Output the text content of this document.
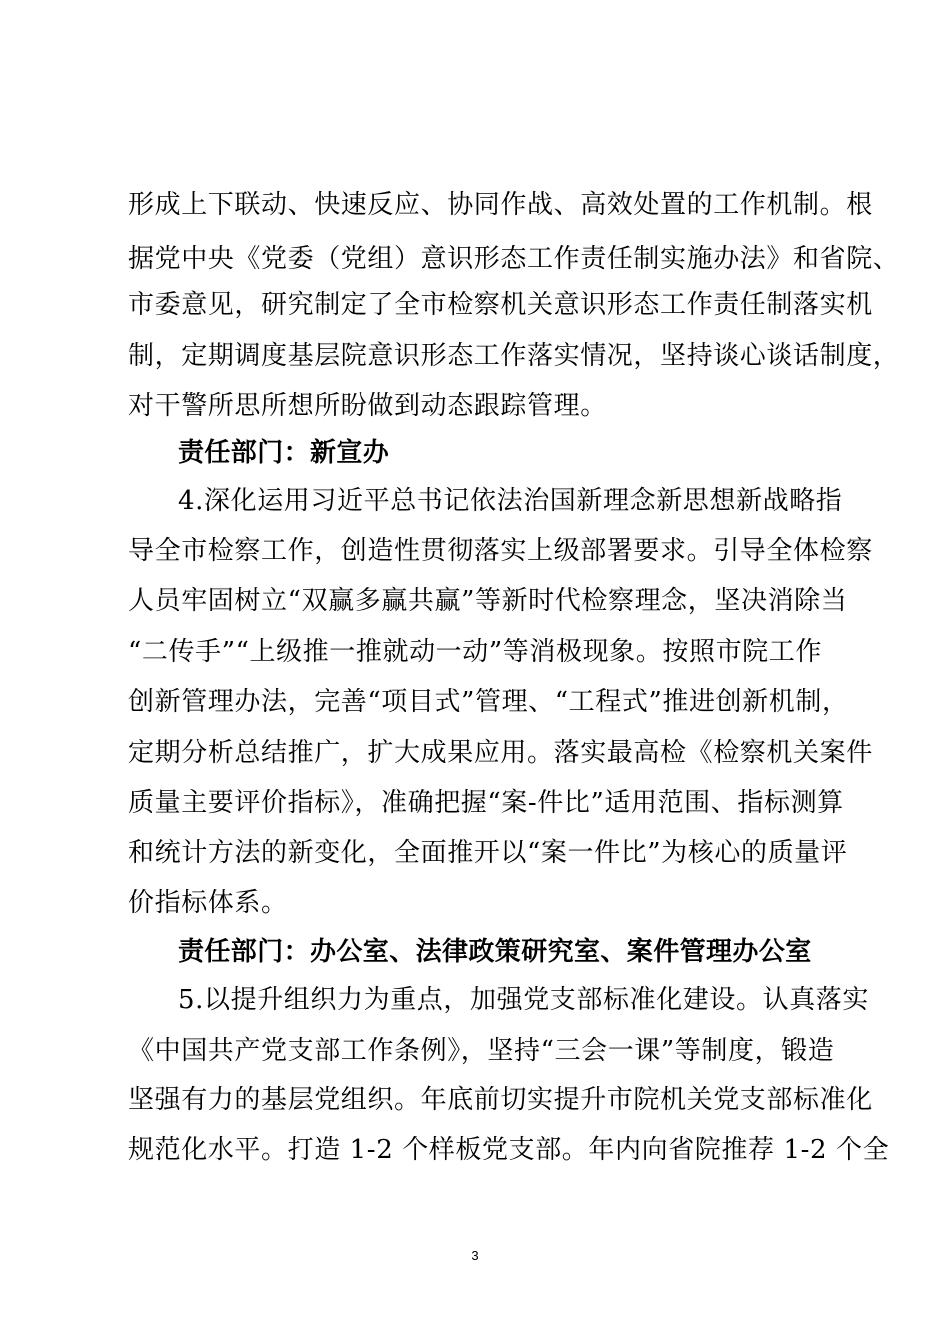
形成上下联动、快速反应、协同作战、高效处置的工作机制。根
据党中央《党委（党组）意识形态工作责任制实施办法》和省院、
市委意见，研究制定了全市检察机关意识形态工作责任制落实机
制，定期调度基层院意识形态工作落实情况，坚持谈心谈话制度，
对干警所思所想所盼做到动态跟踪管理。
责任部门：新宣办
4.深化运用习近平总书记依法治国新理念新思想新战略指
导全市检察工作，创造性贯彻落实上级部署要求。引导全体检察
人员牢固树立“双赢多赢共赢”等新时代检察理念，坚决消除当
“二传手”“上级推一推就动一动”等消极现象。按照市院工作
创新管理办法，完善“项目式”管理、“工程式”推进创新机制，
定期分析总结推广，扩大成果应用。落实最高检《检察机关案件
质量主要评价指标》，准确把握“案-件比”适用范围、指标测算
和统计方法的新变化，全面推开以“案一件比”为核心的质量评
价指标体系。
责任部门：办公室、法律政策研究室、案件管理办公室
5.以提升组织力为重点，加强党支部标准化建设。认真落实
《中国共产党支部工作条例》，坚持“三会一课”等制度，锻造
坚强有力的基层党组织。年底前切实提升市院机关党支部标准化
规范化水平。打造 1-2 个样板党支部。年内向省院推荐 1-2 个全
3
